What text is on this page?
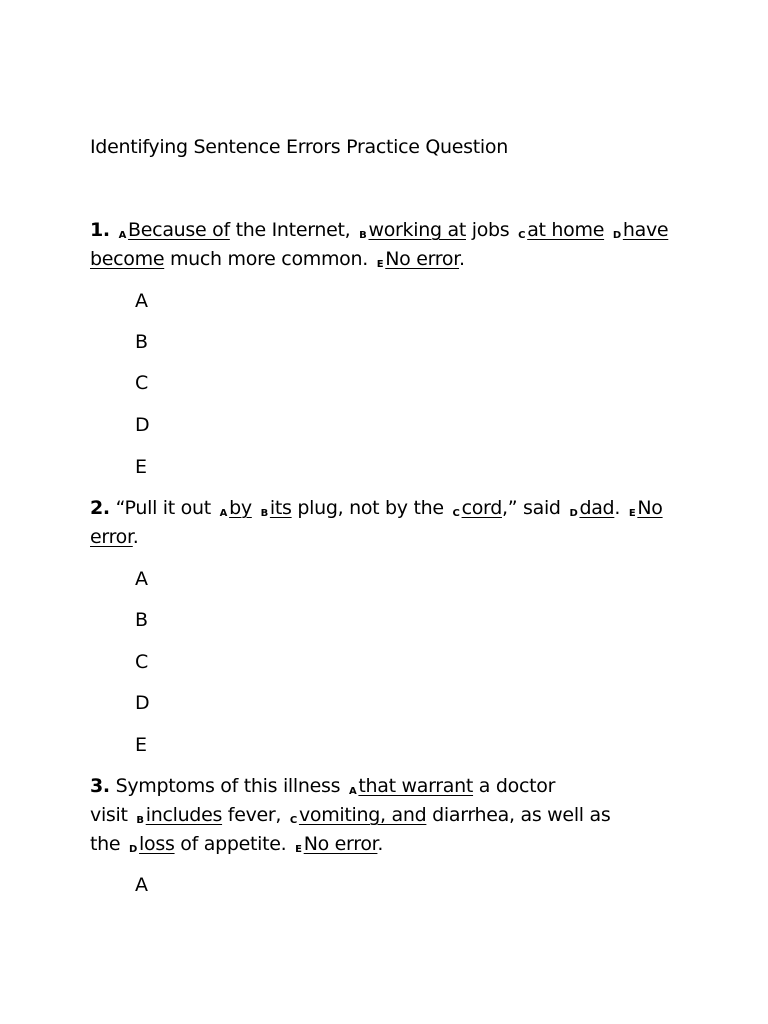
Identifying Sentence Errors Practice Question
1. A Because of the Internet, B working at jobs C at home D have
become much more common. E No error.
A
B
C
D
E
2. “Pull it out A by B its plug, not by the C cord,” said D dad. E No
error.
A
B
C
D
E
3. Symptoms of this illness A that warrant a doctor
visit B includes fever, C vomiting, and diarrhea, as well as
the D loss of appetite. E No error.
A
